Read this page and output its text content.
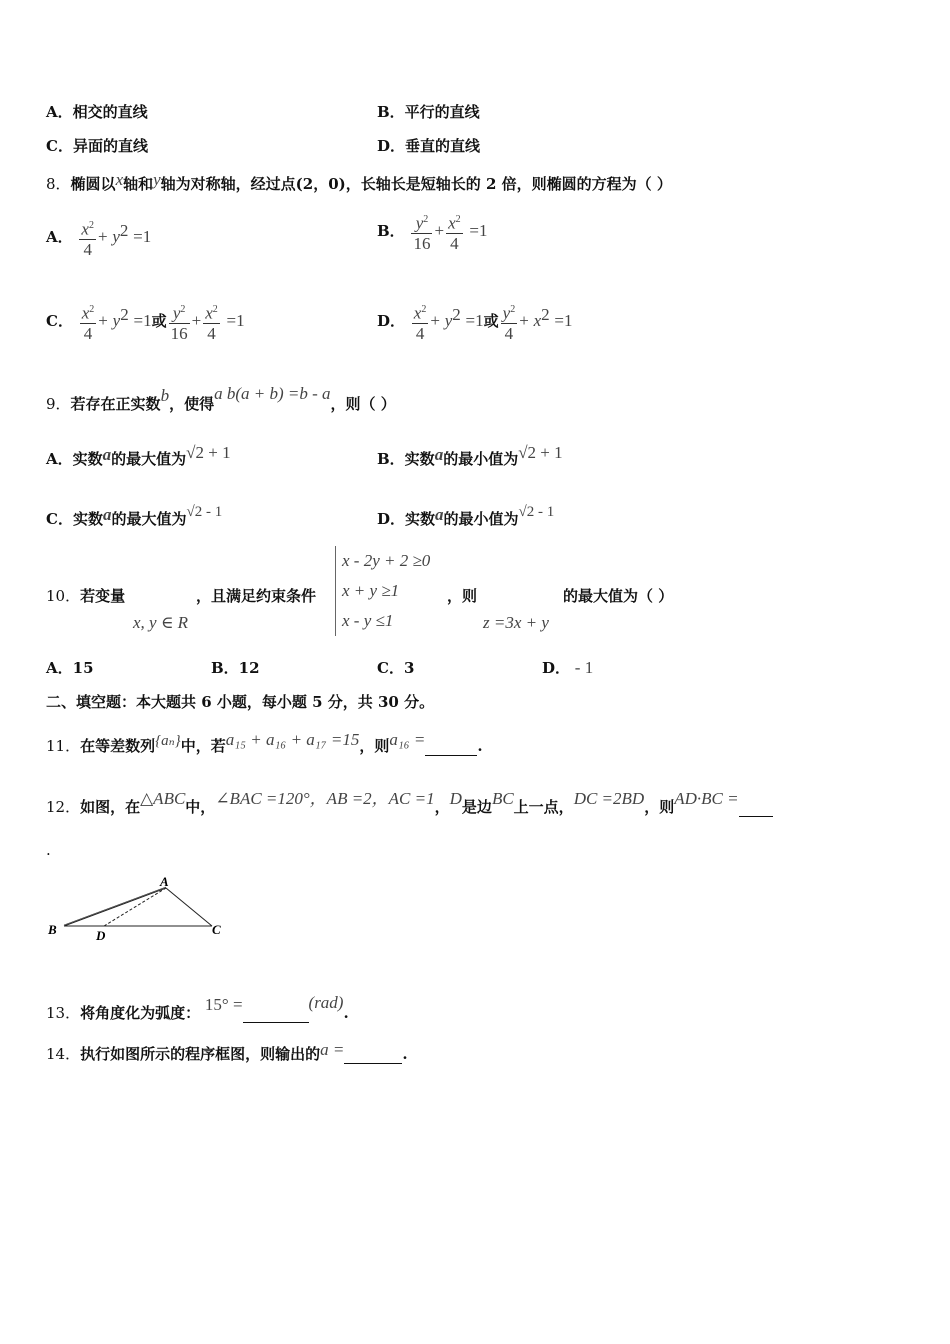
A．相交的直线	B．平行的直线
C．异面的直线	D．垂直的直线
8．椭圆以x轴和y轴为对称轴，经过点(2，0)，长轴长是短轴长的 2 倍，则椭圆的方程为（ ）
A． $\frac{x^2}{4} + y^2 =1$	B． $\frac{y^2}{16} + \frac{x^2}{4} =1$
C． $\frac{x^2}{4} + y^2 =1$或 $\frac{y^2}{16} + \frac{x^2}{4} =1$	D． $\frac{x^2}{4} + y^2 =1$或 $\frac{y^2}{4} + x^2 =1$
9．若存在正实数b，使得a b(a + b) =b - a，则（ ）
A．实数a的最大值为√2 + 1	B．实数a的最小值为√2 + 1
C．实数a的最大值为√2 - 1	D．实数a的最小值为√2 - 1
10．若变量
x, y ∈ R
，且满足约束条件
x - 2y + 2 ≥0
x + y ≥1
x - y ≤1
，则
z =3x + y
的最大值为（ ）
A．15	B．12	C．3	D． - 1
二、填空题：本大题共 6 小题，每小题 5 分，共 30 分。
11．在等差数列{aₙ}中，若a₁₅ + a₁₆ + a₁₇ =15，则a₁₆ =	.
12．如图，在△ABC中，∠BAC =120°，AB =2，AC =1，D是边BC上一点，DC =2BD，则AD·BC =
.
A
B	D	C
13．将角度化为弧度： 15° =	(rad).
14．执行如图所示的程序框图，则输出的a =	.
